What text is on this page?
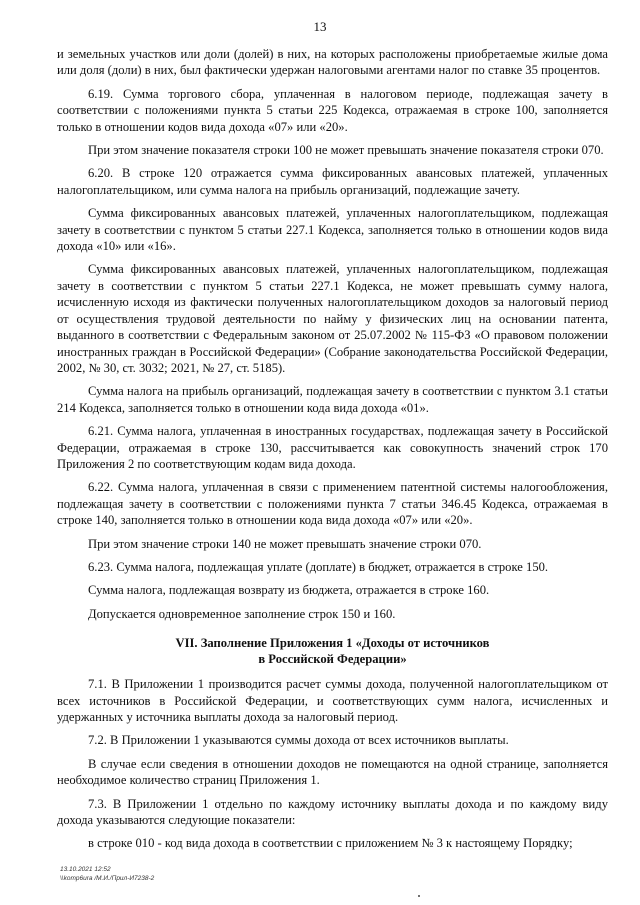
13

и земельных участков или доли (долей) в них, на которых расположены приобретаемые жилые дома или доля (доли) в них, был фактически удержан налоговыми агентами налог по ставке 35 процентов.

6.19. Сумма торгового сбора, уплаченная в налоговом периоде, подлежащая зачету в соответствии с положениями пункта 5 статьи 225 Кодекса, отражаемая в строке 100, заполняется только в отношении кодов вида дохода «07» или «20».

При этом значение показателя строки 100 не может превышать значение показателя строки 070.

6.20. В строке 120 отражается сумма фиксированных авансовых платежей, уплаченных налогоплательщиком, или сумма налога на прибыль организаций, подлежащие зачету.

Сумма фиксированных авансовых платежей, уплаченных налогоплательщиком, подлежащая зачету в соответствии с пунктом 5 статьи 227.1 Кодекса, заполняется только в отношении кодов вида дохода «10» или «16».

Сумма фиксированных авансовых платежей, уплаченных налогоплательщиком, подлежащая зачету в соответствии с пунктом 5 статьи 227.1 Кодекса, не может превышать сумму налога, исчисленную исходя из фактически полученных налогоплательщиком доходов за налоговый период от осуществления трудовой деятельности по найму у физических лиц на основании патента, выданного в соответствии с Федеральным законом от 25.07.2002 № 115-ФЗ «О правовом положении иностранных граждан в Российской Федерации» (Собрание законодательства Российской Федерации, 2002, № 30, ст. 3032; 2021, № 27, ст. 5185).

Сумма налога на прибыль организаций, подлежащая зачету в соответствии с пунктом 3.1 статьи 214 Кодекса, заполняется только в отношении кода вида дохода «01».

6.21. Сумма налога, уплаченная в иностранных государствах, подлежащая зачету в Российской Федерации, отражаемая в строке 130, рассчитывается как совокупность значений строк 170 Приложения 2 по соответствующим кодам вида дохода.

6.22. Сумма налога, уплаченная в связи с применением патентной системы налогообложения, подлежащая зачету в соответствии с положениями пункта 7 статьи 346.45 Кодекса, отражаемая в строке 140, заполняется только в отношении кода вида дохода «07» или «20».

При этом значение строки 140 не может превышать значение строки 070.

6.23. Сумма налога, подлежащая уплате (доплате) в бюджет, отражается в строке 150.

Сумма налога, подлежащая возврату из бюджета, отражается в строке 160.

Допускается одновременное заполнение строк 150 и 160.

VII. Заполнение Приложения 1 «Доходы от источников
в Российской Федерации»

7.1. В Приложении 1 производится расчет суммы дохода, полученной налогоплательщиком от всех источников в Российской Федерации, и соответствующих сумм налога, исчисленных и удержанных у источника выплаты дохода за налоговый период.

7.2. В Приложении 1 указываются суммы дохода от всех источников выплаты.

В случае если сведения в отношении доходов не помещаются на одной странице, заполняется необходимое количество страниц Приложения 1.

7.3. В Приложении 1 отдельно по каждому источнику выплаты дохода и по каждому виду дохода указываются следующие показатели:

в строке 010 - код вида дохода в соответствии с приложением № 3 к настоящему Порядку;

13.10.2021 12:52
\\komp6ura /М.И./Прил-И7238-2
